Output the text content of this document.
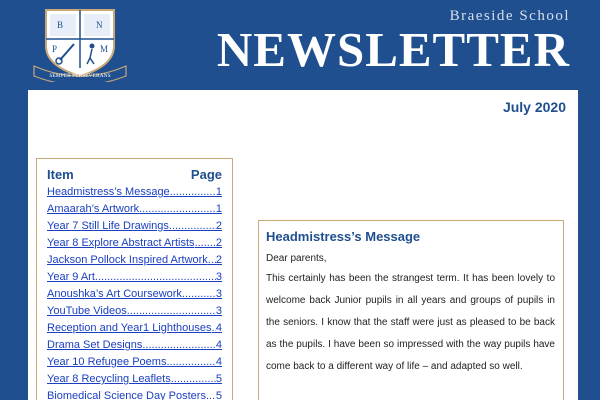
B	N
P	M
SEMPER PERSEVERANS
Braeside School
NEWSLETTER
July 2020
Item	Page
Headmistress’s Message .....	1
Amaarah’s Artwork .....	1
Year 7 Still Life Drawings .....	2
Year 8 Explore Abstract Artists ..... 2
Jackson Pollock Inspired Artwork ..... 2
Year 9 Art .....	3
Anoushka’s Art Coursework .....	3
YouTube Videos .....	3
Reception and Year1 Lighthouses ..... 4
Drama Set Designs .....	4
Year 10 Refugee Poems .....	4
Year 8 Recycling Leaflets .....	5
Biomedical Science Day Posters ..... 5
Headmistress’s Message
Dear parents,
This certainly has been the strangest term. It has been lovely to welcome back Junior pupils in all years and groups of pupils in the seniors. I know that the staff were just as pleased to be back as the pupils. I have been so impressed with the way pupils have come back to a different way of life – and adapted so well.
